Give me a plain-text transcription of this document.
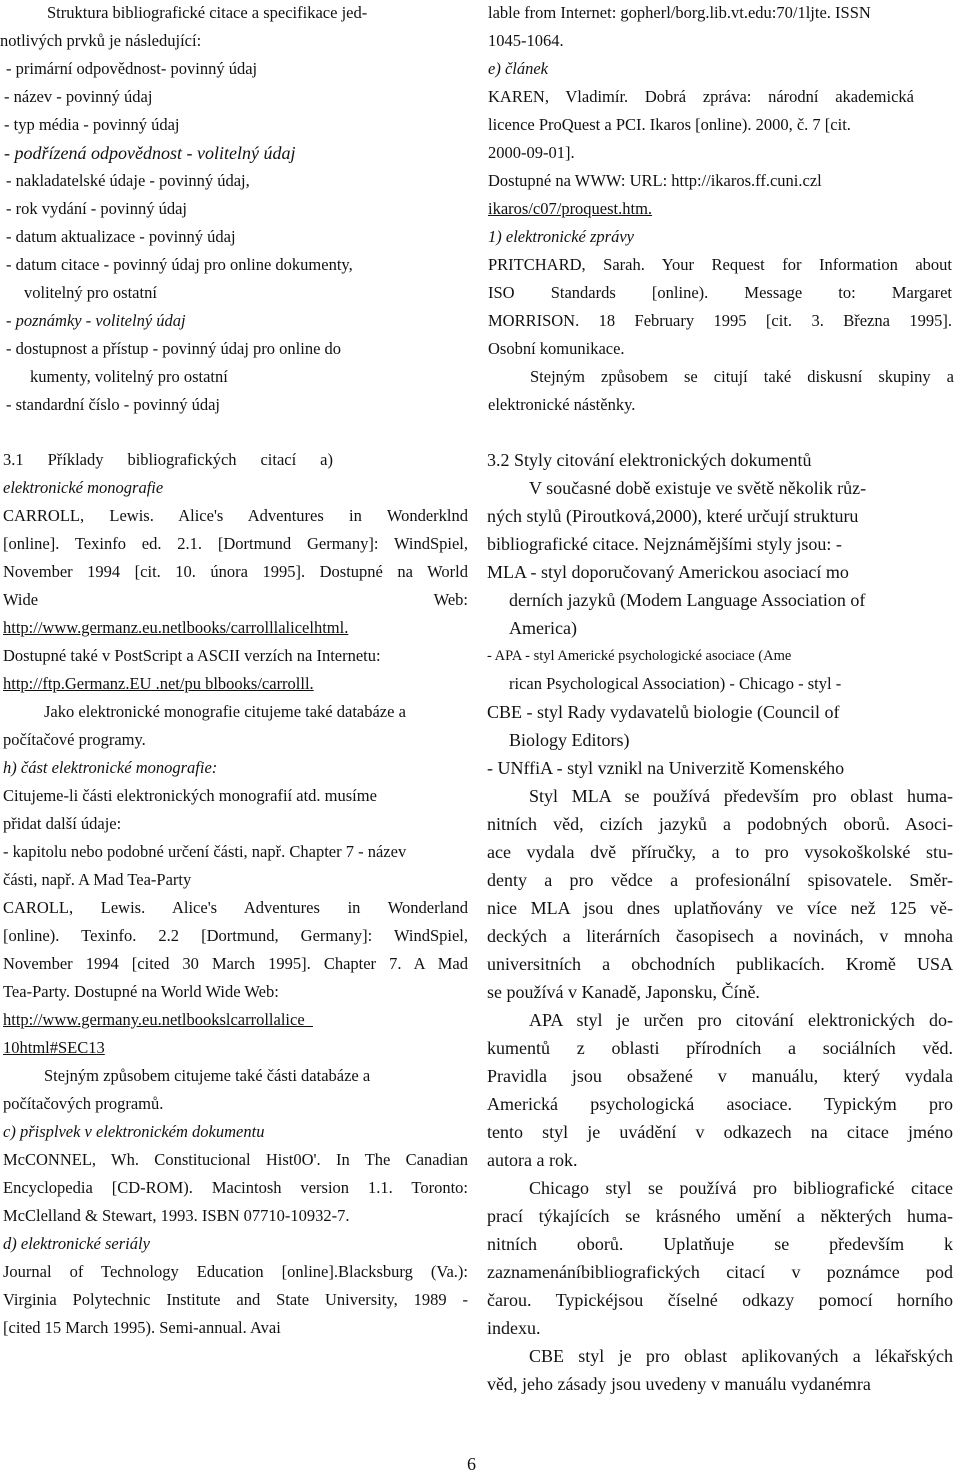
Struktura bibliografické citace a specifikace jed-
notlivých prvků je následující:
- primární odpovědnost- povinný údaj
- název - povinný údaj
- typ média - povinný údaj
- podřízená odpovědnost - volitelný údaj
- nakladatelské údaje - povinný údaj,
- rok vydání - povinný údaj
- datum aktualizace - povinný údaj
- datum citace - povinný údaj pro online dokumenty,
volitelný pro ostatní
- poznámky - volitelný údaj
- dostupnost a přístup - povinný údaj pro online do
kumenty, volitelný pro ostatní
- standardní číslo - povinný údaj
lable from Internet: gopherl/borg.lib.vt.edu:70/1ljte. ISSN
1045-1064.
e) článek
KAREN, Vladimír. Dobrá zpráva: národní akademická
licence ProQuest a PCI. Ikaros [online). 2000, č. 7 [cit.
2000-09-01].
Dostupné na WWW: URL: http://ikaros.ff.cuni.czl
ikaros/c07/proquest.htm.
1) elektronické zprávy
PRITCHARD, Sarah. Your Request for Information about
ISO Standards [online). Message to: Margaret
MORRISON. 18 February 1995 [cit. 3. Března 1995].
Osobní komunikace.
Stejným způsobem se citují také diskusní skupiny a
elektronické nástěnky.
3.1 Příklady bibliografických citací a)
elektronické monografie
CARROLL, Lewis. Alice's Adventures in Wonderklnd
[online]. Texinfo ed. 2.1. [Dortmund Germany]: WindSpiel,
November 1994 [cit. 10. února 1995]. Dostupné na World
Wide Web:
http://www.germanz.eu.netlbooks/carrolllalicelhtml.
Dostupné také v PostScript a ASCII verzích na Internetu:
http://ftp.Germanz.EU .net/pu blbooks/carrolll.
Jako elektronické monografie citujeme také databáze a
počítačové programy.
h) část elektronické monografie:
Citujeme-li části elektronických monografií atd. musíme
přidat další údaje:
- kapitolu nebo podobné určení části, např. Chapter 7 - název
části, např. A Mad Tea-Party
CAROLL, Lewis. Alice's Adventures in Wonderland
[online). Texinfo. 2.2 [Dortmund, Germany]: WindSpiel,
November 1994 [cited 30 March 1995]. Chapter 7. A Mad
Tea-Party. Dostupné na World Wide Web:
http://www.germany.eu.netlbookslcarrollalice_
10html#SEC13
Stejným způsobem citujeme také části databáze a
počítačových programů.
c) přisplvek v elektronickém dokumentu
McCONNEL, Wh. Constitucional Hist0O'. In The Canadian
Encyclopedia [CD-ROM). Macintosh version 1.1. Toronto:
McClelland & Stewart, 1993. ISBN 07710-10932-7.
d) elektronické seriály
Journal of Technology Education [online].Blacksburg (Va.):
Virginia Polytechnic Institute and State University, 1989 -
[cited 15 March 1995). Semi-annual. Avai
3.2 Styly citování elektronických dokumentů
V současné době existuje ve světě několik růz-
ných stylů (Piroutková,2000), které určují strukturu
bibliografické citace. Nejznámějšími styly jsou: -
MLA - styl doporučovaný Americkou asociací mo
derních jazyků (Modem Language Association of
America)
- APA - styl Americké psychologické asociace (Ame
rican Psychological Association) - Chicago - styl -
CBE - styl Rady vydavatelů biologie (Council of
Biology Editors)
- UNffiA - styl vznikl na Univerzitě Komenského
Styl MLA se používá především pro oblast huma-
nitních věd, cizích jazyků a podobných oborů. Asoci-
ace vydala dvě příručky, a to pro vysokoškolské stu-
denty a pro vědce a profesionální spisovatele. Směr-
nice MLA jsou dnes uplatňovány ve více než 125 vě-
deckých a literárních časopisech a novinách, v mnoha
universitních a obchodních publikacích. Kromě USA
se používá v Kanadě, Japonsku, Číně.
APA styl je určen pro citování elektronických do-
kumentů z oblasti přírodních a sociálních věd.
Pravidla jsou obsažené v manuálu, který vydala
Americká psychologická asociace. Typickým pro
tento styl je uvádění v odkazech na citace jméno
autora a rok.
Chicago styl se používá pro bibliografické citace
prací týkajících se krásného umění a některých huma-
nitních oborů. Uplatňuje se především k
zaznamenáníbibliografických citací v poznámce pod
čarou. Typickéjsou číselné odkazy pomocí horního
indexu.
CBE styl je pro oblast aplikovaných a lékařských
věd, jeho zásady jsou uvedeny v manuálu vydanémra
6
